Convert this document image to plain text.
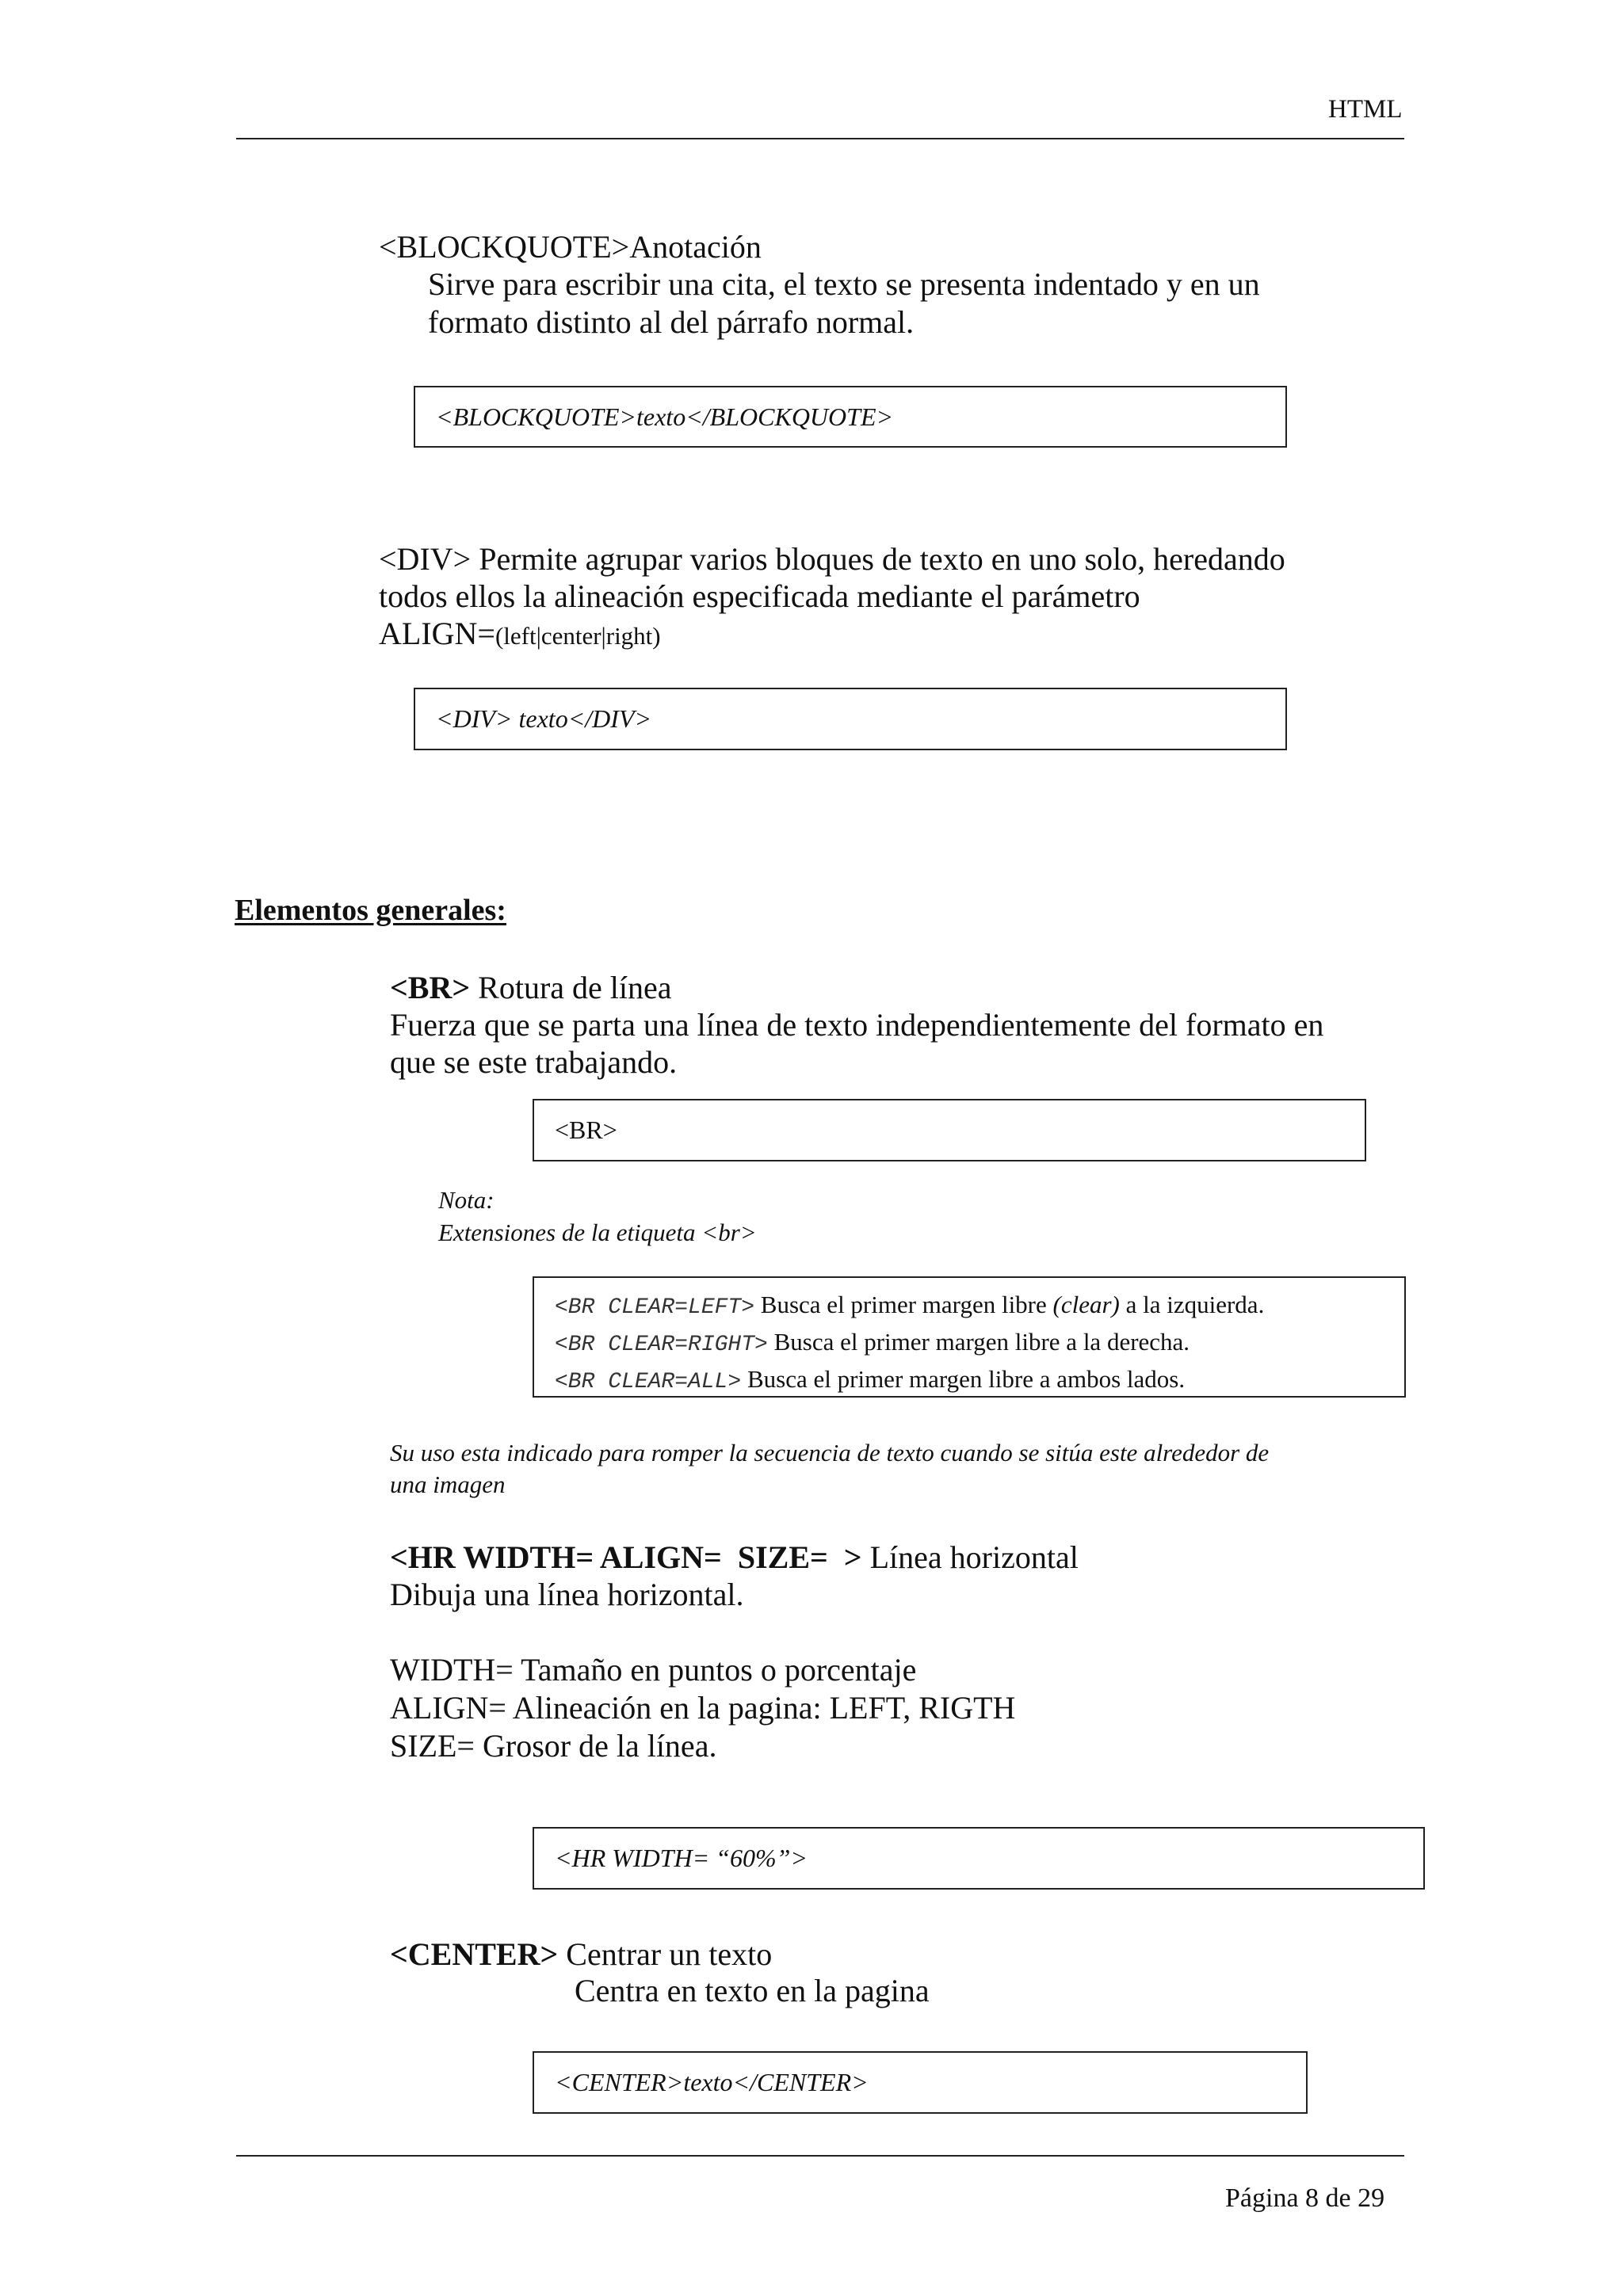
HTML
<BLOCKQUOTE>Anotación
Sirve para escribir una cita, el texto se presenta indentado y en un
formato distinto al del párrafo normal.
<BLOCKQUOTE>texto</BLOCKQUOTE>
<DIV> Permite agrupar varios bloques de texto en uno solo, heredando
todos ellos la alineación especificada mediante el parámetro
ALIGN=(left|center|right)
<DIV> texto</DIV>
Elementos generales:
<BR> Rotura de línea
Fuerza que se parta una línea de texto independientemente del formato en
que se este trabajando.
<BR>
Nota:
Extensiones de la etiqueta <br>
<BR CLEAR=LEFT> Busca el primer margen libre (clear) a la izquierda.
<BR CLEAR=RIGHT> Busca el primer margen libre a la derecha.
<BR CLEAR=ALL> Busca el primer margen libre a ambos lados.
Su uso esta indicado para romper la secuencia de texto cuando se sitúa este alrededor de
una imagen
<HR WIDTH= ALIGN=  SIZE=  > Línea horizontal
Dibuja una línea horizontal.
WIDTH= Tamaño en puntos o porcentaje
ALIGN= Alineación en la pagina: LEFT, RIGTH
SIZE= Grosor de la línea.
<HR WIDTH= “60%”>
<CENTER> Centrar un texto
Centra en texto en la pagina
<CENTER>texto</CENTER>
Página 8 de 29
